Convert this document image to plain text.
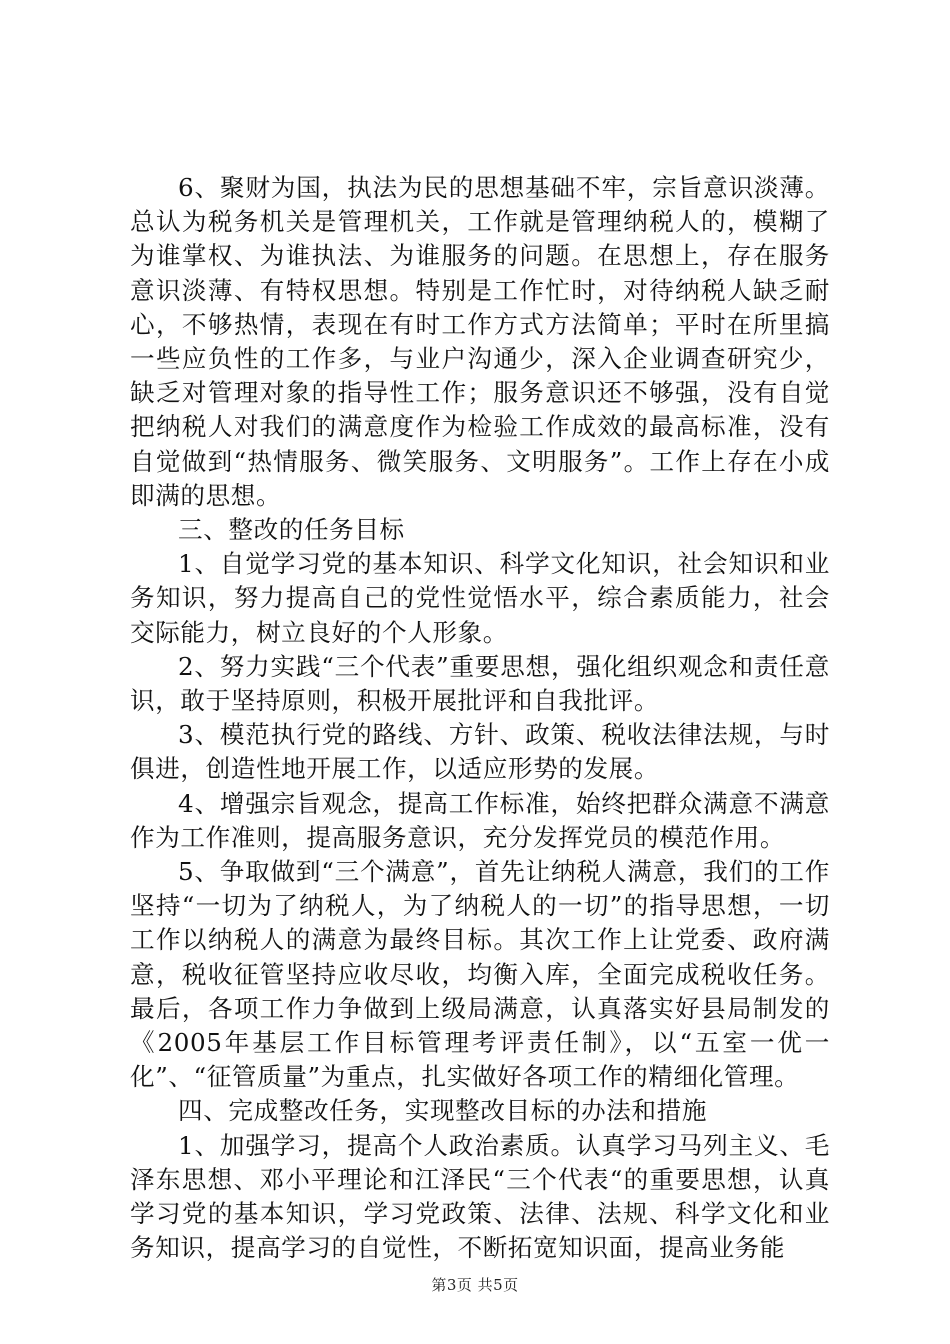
6、聚财为国，执法为民的思想基础不牢，宗旨意识淡薄。总认为税务机关是管理机关，工作就是管理纳税人的，模糊了为谁掌权、为谁执法、为谁服务的问题。在思想上，存在服务意识淡薄、有特权思想。特别是工作忙时，对待纳税人缺乏耐心，不够热情，表现在有时工作方式方法简单；平时在所里搞一些应负性的工作多，与业户沟通少，深入企业调查研究少，缺乏对管理对象的指导性工作；服务意识还不够强，没有自觉把纳税人对我们的满意度作为检验工作成效的最高标准，没有自觉做到“热情服务、微笑服务、文明服务”。工作上存在小成即满的思想。

三、整改的任务目标

1、自觉学习党的基本知识、科学文化知识，社会知识和业务知识，努力提高自己的党性觉悟水平，综合素质能力，社会交际能力，树立良好的个人形象。

2、努力实践“三个代表”重要思想，强化组织观念和责任意识，敢于坚持原则，积极开展批评和自我批评。

3、模范执行党的路线、方针、政策、税收法律法规，与时俱进，创造性地开展工作，以适应形势的发展。

4、增强宗旨观念，提高工作标准，始终把群众满意不满意作为工作准则，提高服务意识，充分发挥党员的模范作用。

5、争取做到“三个满意”，首先让纳税人满意，我们的工作坚持“一切为了纳税人，为了纳税人的一切”的指导思想，一切工作以纳税人的满意为最终目标。其次工作上让党委、政府满意，税收征管坚持应收尽收，均衡入库，全面完成税收任务。最后，各项工作力争做到上级局满意，认真落实好县局制发的《2005年基层工作目标管理考评责任制》，以“五室一优一化”、“征管质量”为重点，扎实做好各项工作的精细化管理。

四、完成整改任务，实现整改目标的办法和措施

1、加强学习，提高个人政治素质。认真学习马列主义、毛泽东思想、邓小平理论和江泽民“三个代表“的重要思想，认真学习党的基本知识，学习党政策、法律、法规、科学文化和业务知识，提高学习的自觉性，不断拓宽知识面，提高业务能

第3页 共5页
